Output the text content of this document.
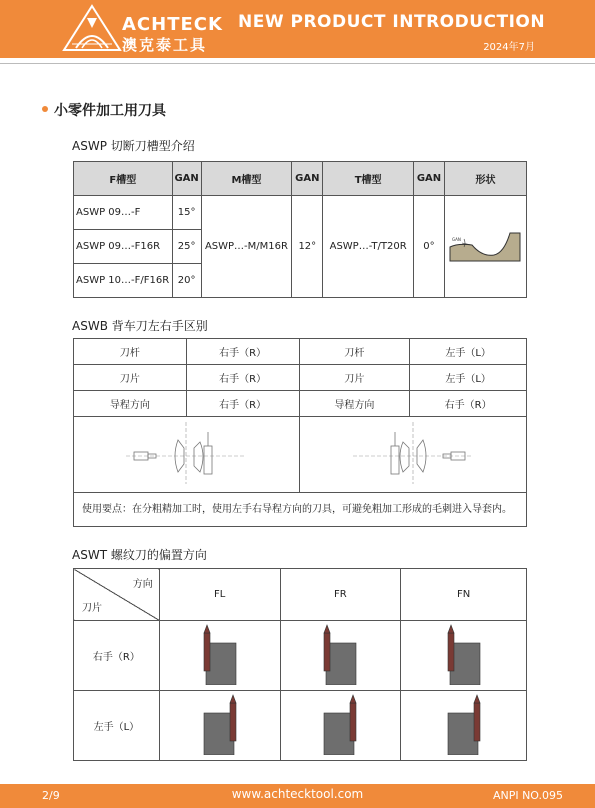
ACHTECK
澳克泰工具
NEW PRODUCT INTRODUCTION
2024年7月
小零件加工用刀具
ASWP 切断刀槽型介绍
F槽型	GAN	M槽型	GAN	T槽型	GAN	形状
ASWP 09…-F	15°	ASWP…-M/M16R	12°	ASWP…-T/T20R	0°	GAN

ASWP 09…-F16R	25°					
ASWP 10…-F/F16R	20°					
ASWB 背车刀左右手区别
刀杆	右手（R）	刀杆	左手（L）
刀片	右手（R）	刀片	左手（L）
导程方向	右手（R）	导程方向	右手（R）

使用要点：在分粗精加工时，使用左手右导程方向的刀具，可避免粗加工形成的毛刺进入导套内。			
ASWT 螺纹刀的偏置方向
方向
刀片	FL	FR	FN
右手（R）			
左手（L）			
2/9	www.achtecktool.com	ANPI NO.095
